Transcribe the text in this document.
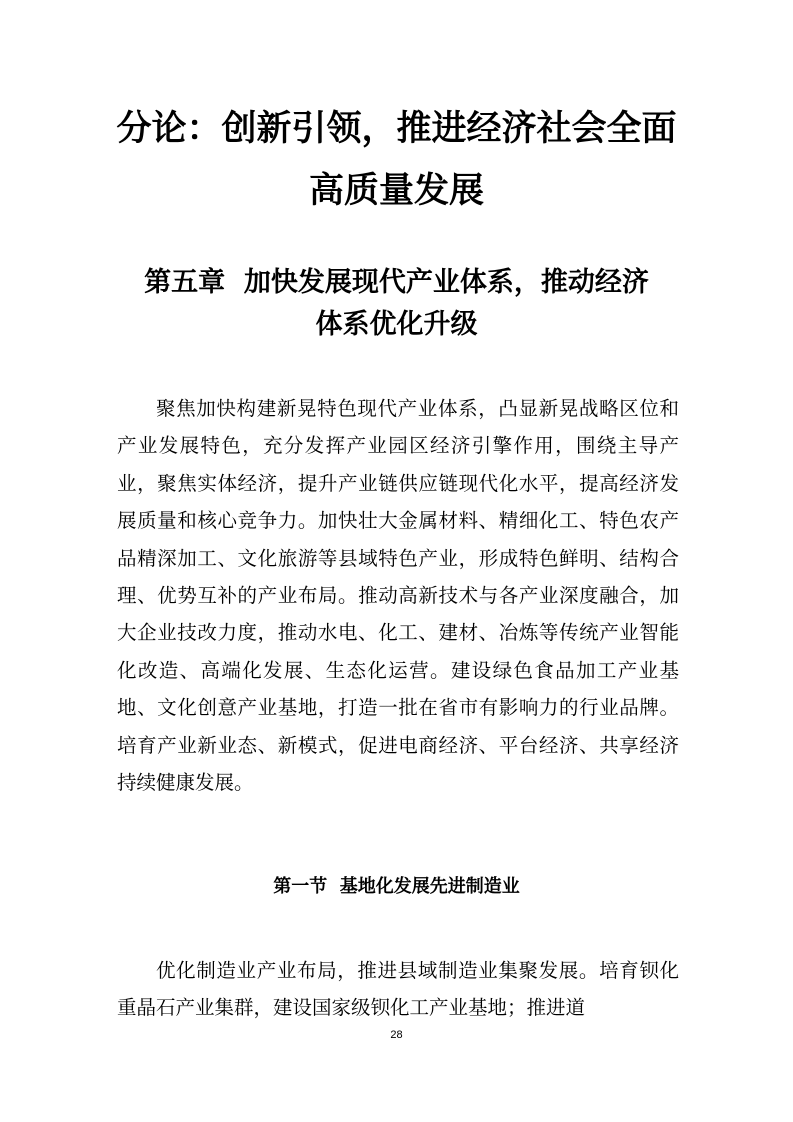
分论：创新引领，推进经济社会全面
高质量发展
第五章  加快发展现代产业体系，推动经济
体系优化升级

聚焦加快构建新晃特色现代产业体系，凸显新晃战略区位和产业发展特色，充分发挥产业园区经济引擎作用，围绕主导产业，聚焦实体经济，提升产业链供应链现代化水平，提高经济发展质量和核心竞争力。加快壮大金属材料、精细化工、特色农产品精深加工、文化旅游等县域特色产业，形成特色鲜明、结构合理、优势互补的产业布局。推动高新技术与各产业深度融合，加大企业技改力度，推动水电、化工、建材、冶炼等传统产业智能化改造、高端化发展、生态化运营。建设绿色食品加工产业基地、文化创意产业基地，打造一批在省市有影响力的行业品牌。培育产业新业态、新模式，促进电商经济、平台经济、共享经济持续健康发展。

第一节  基地化发展先进制造业

优化制造业产业布局，推进县域制造业集聚发展。培育钡化重晶石产业集群，建设国家级钡化工产业基地；推进道

28
